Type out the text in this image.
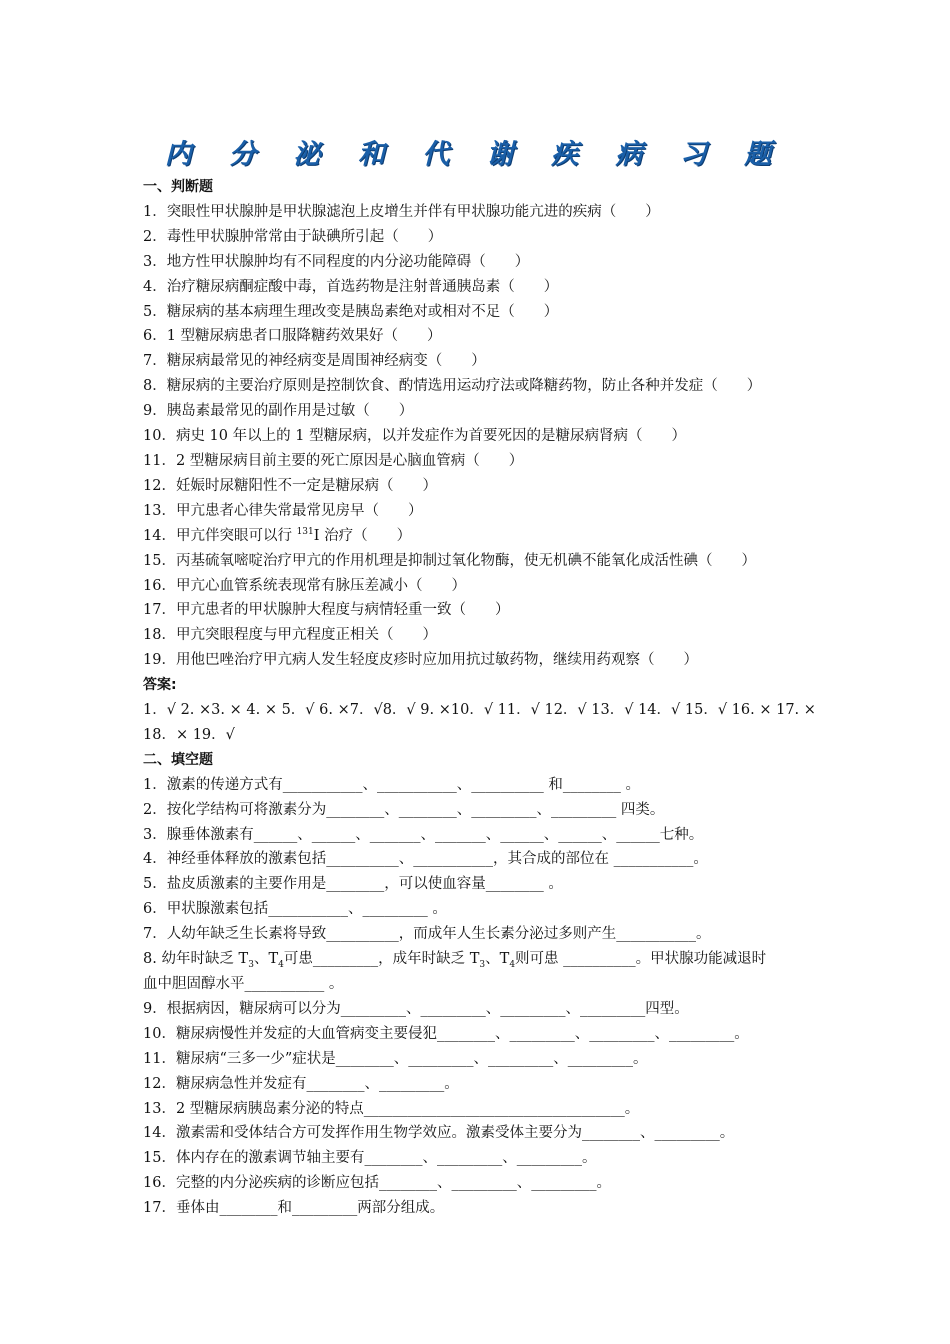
内 分 泌 和 代 谢 疾 病 习 题
一、判断题
1．突眼性甲状腺肿是甲状腺滤泡上皮增生并伴有甲状腺功能亢进的疾病（　　）
2．毒性甲状腺肿常常由于缺碘所引起（　　）
3．地方性甲状腺肿均有不同程度的内分泌功能障碍（　　）
4．治疗糖尿病酮症酸中毒，首选药物是注射普通胰岛素（　　）
5．糖尿病的基本病理生理改变是胰岛素绝对或相对不足（　　）
6．1 型糖尿病患者口服降糖药效果好（　　）
7．糖尿病最常见的神经病变是周围神经病变（　　）
8．糖尿病的主要治疗原则是控制饮食、酌情选用运动疗法或降糖药物，防止各种并发症（　　）
9．胰岛素最常见的副作用是过敏（　　）
10．病史 10 年以上的 1 型糖尿病，以并发症作为首要死因的是糖尿病肾病（　　）
11．2 型糖尿病目前主要的死亡原因是心脑血管病（　　）
12．妊娠时尿糖阳性不一定是糖尿病（　　）
13．甲亢患者心律失常最常见房早（　　）
14．甲亢伴突眼可以行 $^{131}$I 治疗（　　）
15．丙基硫氧嘧啶治疗甲亢的作用机理是抑制过氧化物酶，使无机碘不能氧化成活性碘（　　）
16．甲亢心血管系统表现常有脉压差减小（　　）
17．甲亢患者的甲状腺肿大程度与病情轻重一致（　　）
18．甲亢突眼程度与甲亢程度正相关（　　）
19．用他巴唑治疗甲亢病人发生轻度皮疹时应加用抗过敏药物，继续用药观察（　　）
答案:
1．√ 2. ×3. × 4. × 5．√ 6. ×7．√8．√ 9. ×10．√ 11．√ 12．√ 13．√ 14．√ 15．√ 16. × 17. ×
18．× 19．√
二、填空题
1．激素的传递方式有___________、___________、__________ 和________ 。
2．按化学结构可将激素分为________、________、_________、_________ 四类。
3．腺垂体激素有______、______、_______、_______、______、______、______七种。
4．神经垂体释放的激素包括__________、___________，其合成的部位在 ___________。
5．盐皮质激素的主要作用是________，可以使血容量________ 。
6．甲状腺激素包括___________、_________ 。
7．人幼年缺乏生长素将导致__________，而成年人生长素分泌过多则产生___________。
8. 幼年时缺乏 $T_3$、$T_4$可患_________，成年时缺乏 $T_3$、$T_4$则可患 __________。甲状腺功能减退时
血中胆固醇水平___________ 。
9．根据病因，糖尿病可以分为_________、_________、_________、_________四型。
10．糖尿病慢性并发症的大血管病变主要侵犯________、_________、_________、_________。
11．糖尿病“三多一少”症状是________、_________、_________、_________。
12．糖尿病急性并发症有________、_________。
13．2 型糖尿病胰岛素分泌的特点____________________________________。
14．激素需和受体结合方可发挥作用生物学效应。激素受体主要分为________、_________。
15．体内存在的激素调节轴主要有________、_________、_________。
16．完整的内分泌疾病的诊断应包括________、_________、_________。
17．垂体由________和_________两部分组成。
